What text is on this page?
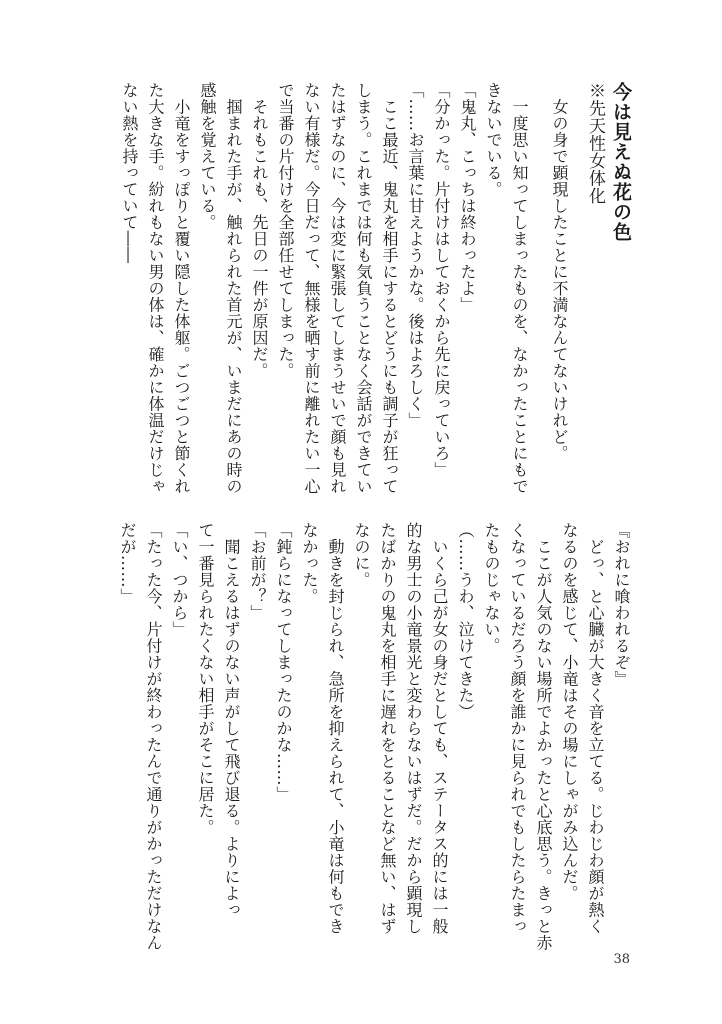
今は見えぬ花の色
※先天性女体化
　女の身で顕現したことに不満なんてないけれど。
　一度思い知ってしまったものを、なかったことにもで
きないでいる。
「鬼丸、こっちは終わったよ」
「分かった。片付けはしておくから先に戻っていろ」
「……お言葉に甘えようかな。後はよろしく」
　ここ最近、鬼丸を相手にするとどうにも調子が狂って
しまう。これまでは何も気負うことなく会話ができてい
たはずなのに、今は変に緊張してしまうせいで顔も見れ
ない有様だ。今日だって、無様を晒す前に離れたい一心
で当番の片付けを全部任せてしまった。
　それもこれも、先日の一件が原因だ。
　掴まれた手が、触れられた首元が、いまだにあの時の
感触を覚えている。
　小竜をすっぽりと覆い隠した体躯。ごつごつと節くれ
た大きな手。紛れもない男の体は、確かに体温だけじゃ
ない熱を持っていて――
『おれに喰われるぞ』
　どっ、と心臓が大きく音を立てる。じわじわ顔が熱く
なるのを感じて、小竜はその場にしゃがみ込んだ。
　ここが人気のない場所でよかったと心底思う。きっと赤
くなっているだろう顔を誰かに見られでもしたらたまっ
たものじゃない。
（……うわ、泣けてきた）
　いくら己が女の身だとしても、ステータス的には一般
的な男士の小竜景光と変わらないはずだ。だから顕現し
たばかりの鬼丸を相手に遅れをとることなど無い、はず
なのに。
　動きを封じられ、急所を抑えられて、小竜は何もでき
なかった。
「鈍らになってしまったのかな……」
「お前が？」
　聞こえるはずのない声がして飛び退る。よりによっ
て一番見られたくない相手がそこに居た。
「い、つから」
「たった今、片付けが終わったんで通りがかっただけなん
だが……」
38
